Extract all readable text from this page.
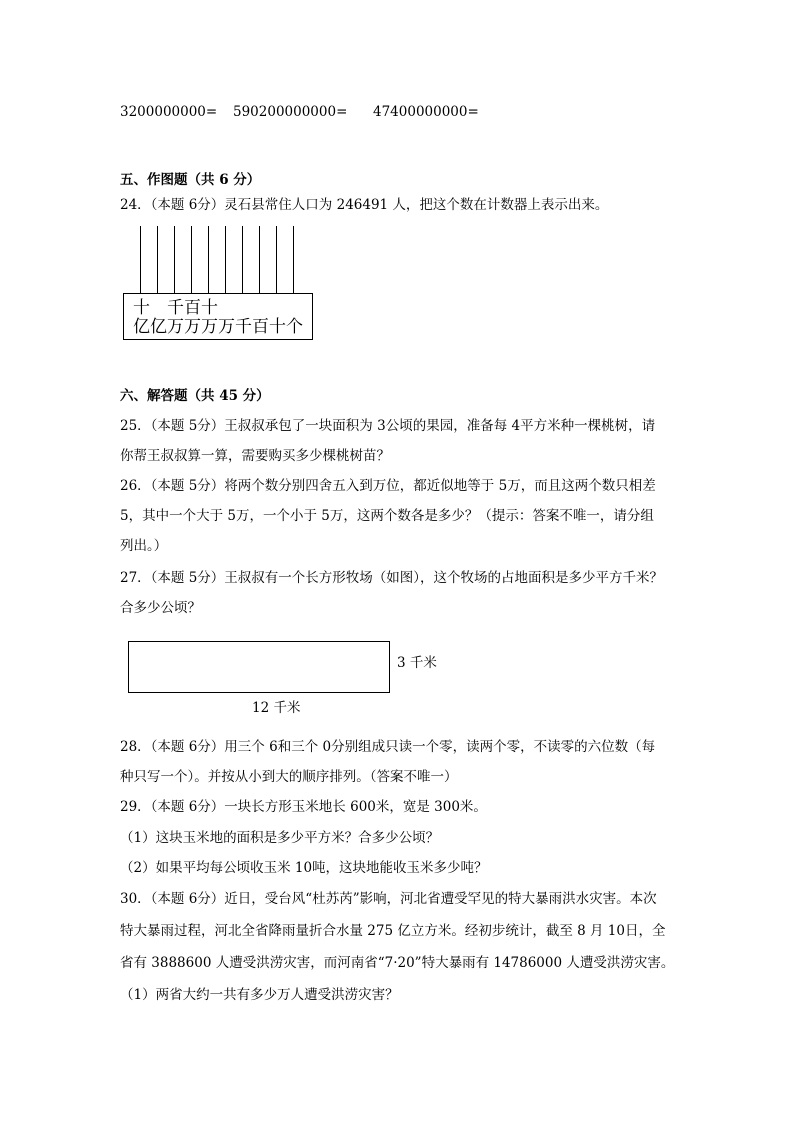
3200000000= 590200000000= 47400000000=
五、作图题（共 6 分）
24．（本题 6分）灵石县常住人口为 246491 人，把这个数在计数器上表示出来。
十　千百十
亿亿万万万万千百十个
六、解答题（共 45 分）
25．（本题 5分）王叔叔承包了一块面积为 3公顷的果园，准备每 4平方米种一棵桃树，请
你帮王叔叔算一算，需要购买多少棵桃树苗？
26．（本题 5分）将两个数分别四舍五入到万位，都近似地等于 5万，而且这两个数只相差
5，其中一个大于 5万，一个小于 5万，这两个数各是多少？（提示：答案不唯一，请分组
列出。）
27．（本题 5分）王叔叔有一个长方形牧场（如图），这个牧场的占地面积是多少平方千米？
合多少公顷？
3 千米
12 千米
28．（本题 6分）用三个 6和三个 0分别组成只读一个零，读两个零，不读零的六位数（每
种只写一个）。并按从小到大的顺序排列。（答案不唯一）
29．（本题 6分）一块长方形玉米地长 600米，宽是 300米。
（1）这块玉米地的面积是多少平方米？合多少公顷？
（2）如果平均每公顷收玉米 10吨，这块地能收玉米多少吨？
30．（本题 6分）近日，受台风“杜苏芮”影响，河北省遭受罕见的特大暴雨洪水灾害。本次
特大暴雨过程，河北全省降雨量折合水量 275 亿立方米。经初步统计，截至 8 月 10日，全
省有 3888600 人遭受洪涝灾害，而河南省“7·20”特大暴雨有 14786000 人遭受洪涝灾害。
（1）两省大约一共有多少万人遭受洪涝灾害？
